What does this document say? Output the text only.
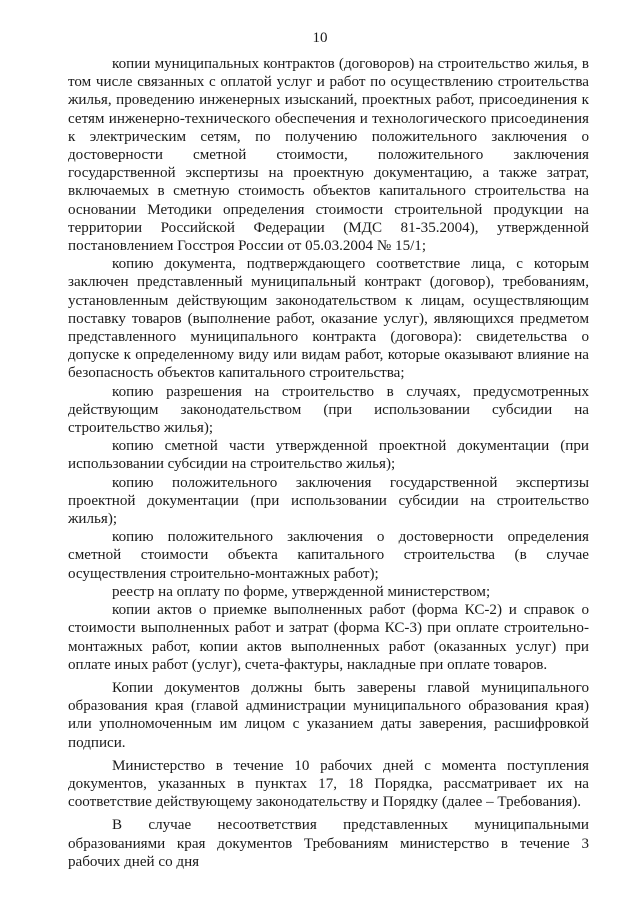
10

копии муниципальных контрактов (договоров) на строительство жилья, в том числе связанных с оплатой услуг и работ по осуществлению строительства жилья, проведению инженерных изысканий, проектных работ, присоединения к сетям инженерно-технического обеспечения и технологического присоединения к электрическим сетям, по получению положительного заключения о достоверности сметной стоимости, положительного заключения государственной экспертизы на проектную документацию, а также затрат, включаемых в сметную стоимость объектов капитального строительства на основании Методики определения стоимости строительной продукции на территории Российской Федерации (МДС 81-35.2004), утвержденной постановлением Госстроя России от 05.03.2004 № 15/1;

копию документа, подтверждающего соответствие лица, с которым заключен представленный муниципальный контракт (договор), требованиям, установленным действующим законодательством к лицам, осуществляющим поставку товаров (выполнение работ, оказание услуг), являющихся предметом представленного муниципального контракта (договора): свидетельства о допуске к определенному виду или видам работ, которые оказывают влияние на безопасность объектов капитального строительства;

копию разрешения на строительство в случаях, предусмотренных действующим законодательством (при использовании субсидии на строительство жилья);

копию сметной части утвержденной проектной документации (при использовании субсидии на строительство жилья);

копию положительного заключения государственной экспертизы проектной документации (при использовании субсидии на строительство жилья);

копию положительного заключения о достоверности определения сметной стоимости объекта капитального строительства (в случае осуществления строительно-монтажных работ);

реестр на оплату по форме, утвержденной министерством;

копии актов о приемке выполненных работ (форма КС-2) и справок о стоимости выполненных работ и затрат (форма КС-3) при оплате строительно-монтажных работ, копии актов выполненных работ (оказанных услуг) при оплате иных работ (услуг), счета-фактуры, накладные при оплате товаров.

Копии документов должны быть заверены главой муниципального образования края (главой администрации муниципального образования края) или уполномоченным им лицом с указанием даты заверения, расшифровкой подписи.

Министерство в течение 10 рабочих дней с момента поступления документов, указанных в пунктах 17, 18 Порядка, рассматривает их на соответствие действующему законодательству и Порядку (далее – Требования).

В случае несоответствия представленных муниципальными образованиями края документов Требованиям министерство в течение 3 рабочих дней со дня
